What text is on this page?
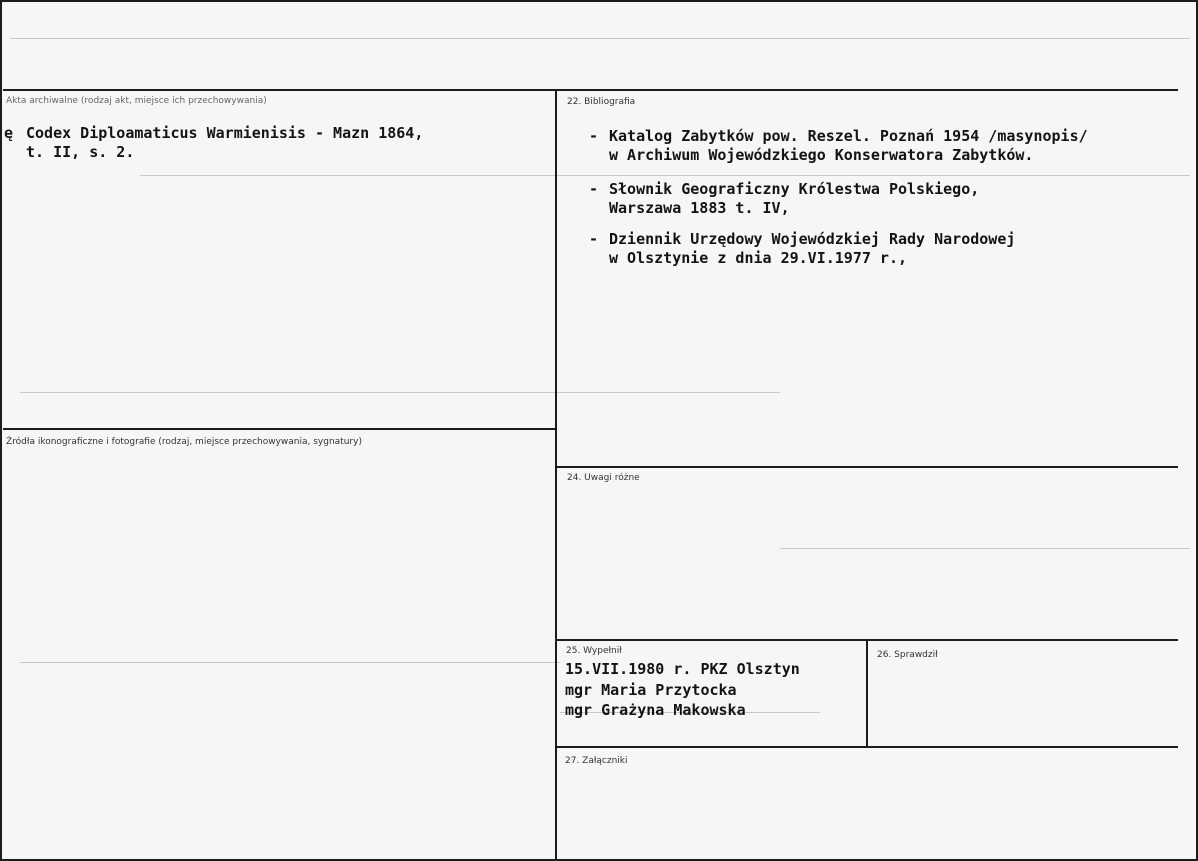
Akta archiwalne (rodzaj akt, miejsce ich przechowywania)	22. Bibliografia
Źródła ikonograficzne i fotografie (rodzaj, miejsce przechowywania, sygnatury)
24. Uwagi różne
25. Wypełnił	26. Sprawdził
27. Załączniki
ę Codex Diploamaticus Warmienisis - Mazn 1864,
t. II, s. 2.
- Katalog Zabytków pow. Reszel. Poznań 1954 /masynopis/
w Archiwum Wojewódzkiego Konserwatora Zabytków.
- Słownik Geograficzny Królestwa Polskiego,
Warszawa 1883 t. IV,
- Dziennik Urzędowy Wojewódzkiej Rady Narodowej
w Olsztynie z dnia 29.VI.1977 r.,
15.VII.1980 r. PKZ Olsztyn
mgr Maria Przytocka
mgr Grażyna Makowska
